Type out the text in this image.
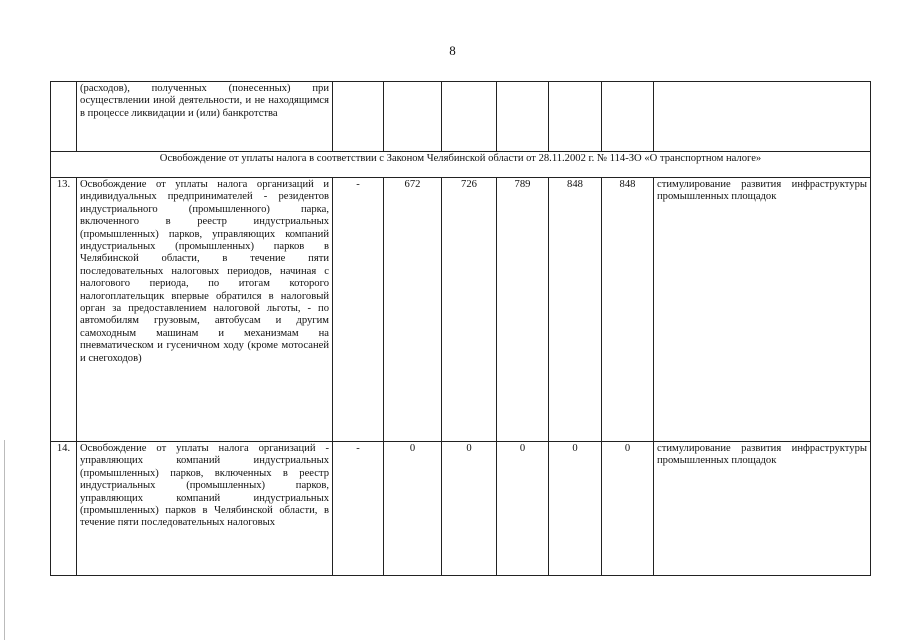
8
	(расходов), полученных (понесенных) при осуществлении иной деятельности, и не находящимся в процессе ликвидации и (или) банкротства							
Освобождение от уплаты налога в соответствии с Законом Челябинской области от 28.11.2002 г. № 114-ЗО «О транспортном налоге»								
13.	Освобождение от уплаты налога организаций и индивидуальных предпринимателей - резидентов индустриального (промышленного) парка, включенного в реестр индустриальных (промышленных) парков, управляющих компаний индустриальных (промышленных) парков в Челябинской области, в течение пяти последовательных налоговых периодов, начиная с налогового периода, по итогам которого налогоплательщик впервые обратился в налоговый орган за предоставлением налоговой льготы, - по автомобилям грузовым, автобусам и другим самоходным машинам и механизмам на пневматическом и гусеничном ходу (кроме мотосаней и снегоходов)	-	672	726	789	848	848	стимулирование развития инфраструктуры промышленных площадок
14.	Освобождение от уплаты налога организаций - управляющих компаний индустриальных (промышленных) парков, включенных в реестр индустриальных (промышленных) парков, управляющих компаний индустриальных (промышленных) парков в Челябинской области, в течение пяти последовательных налоговых	-	0	0	0	0	0	стимулирование развития инфраструктуры промышленных площадок
